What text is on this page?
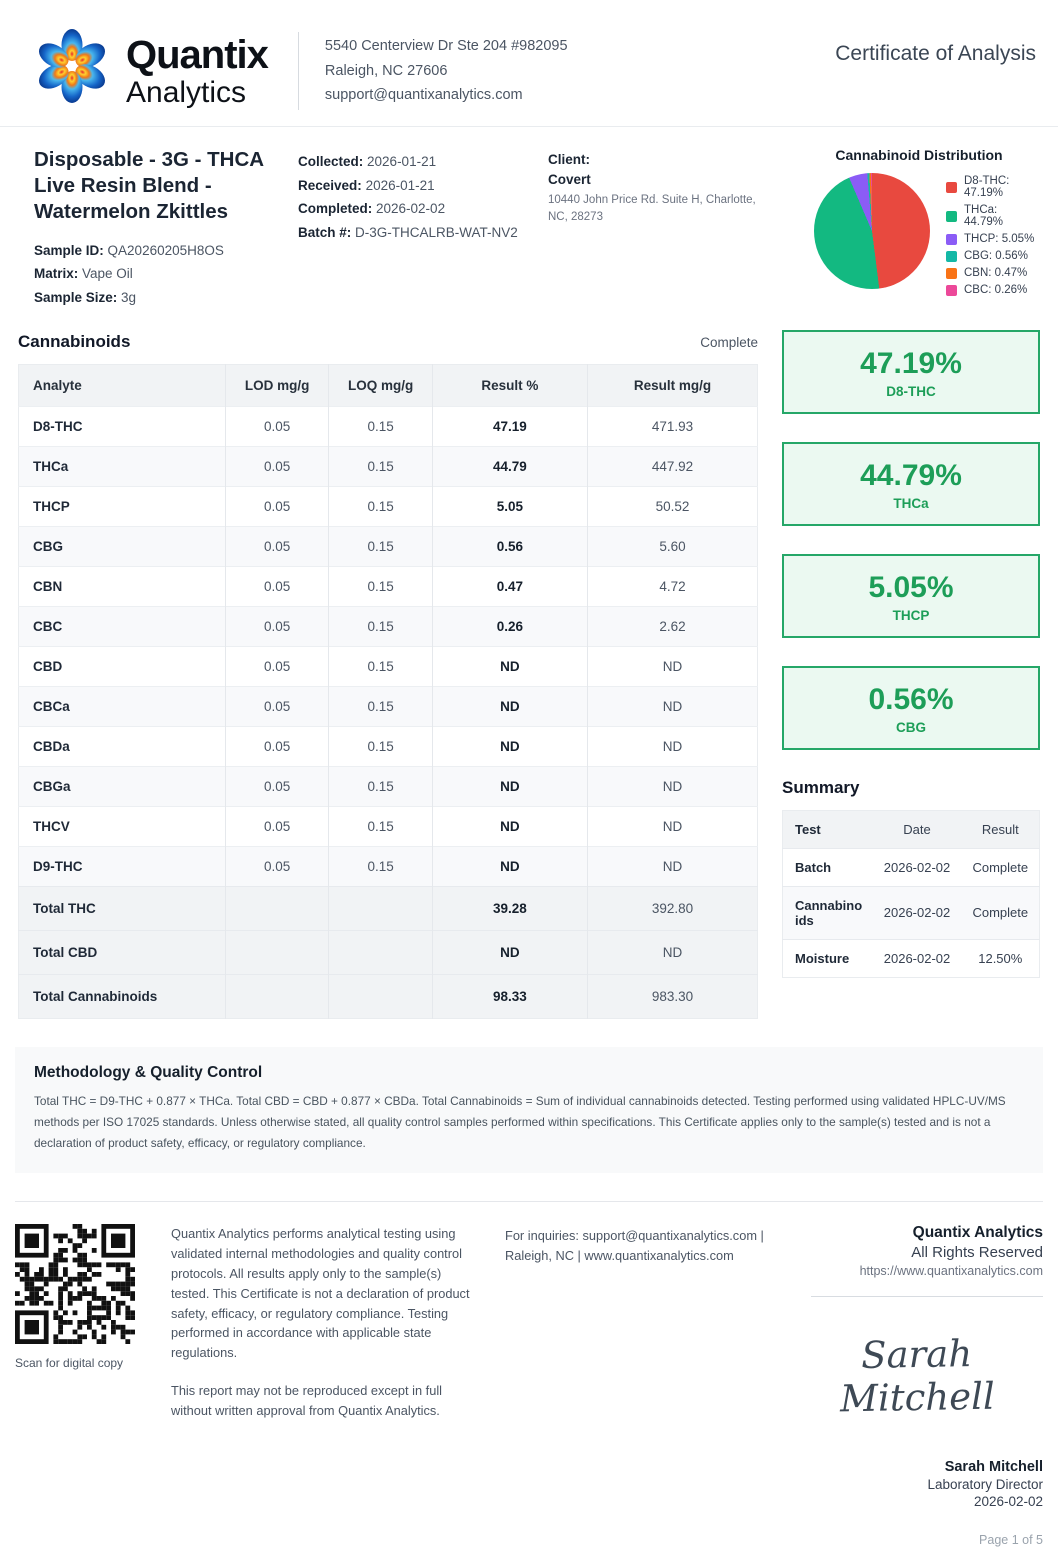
Quantix
Analytics
5540 Centerview Dr Ste 204 #982095
Raleigh, NC 27606
support@quantixanalytics.com
Certificate of Analysis
Disposable - 3G - THCA Live Resin Blend - Watermelon Zkittles
Sample ID: QA20260205H8OS
Matrix: Vape Oil
Sample Size: 3g
Collected: 2026-01-21
Received: 2026-01-21
Completed: 2026-02-02
Batch #: D-3G-THCALRB-WAT-NV2
Client:
Covert
10440 John Price Rd. Suite H, Charlotte, NC, 28273
Cannabinoid Distribution
D8-THC: 47.19%
THCa: 44.79%
THCP: 5.05%
CBG: 0.56%
CBN: 0.47%
CBC: 0.26%
Cannabinoids	Complete
Analyte	LOD mg/g	LOQ mg/g	Result %	Result mg/g
D8-THC	0.05	0.15	47.19	471.93
THCa	0.05	0.15	44.79	447.92
THCP	0.05	0.15	5.05	50.52
CBG	0.05	0.15	0.56	5.60
CBN	0.05	0.15	0.47	4.72
CBC	0.05	0.15	0.26	2.62
CBD	0.05	0.15	ND	ND
CBCa	0.05	0.15	ND	ND
CBDa	0.05	0.15	ND	ND
CBGa	0.05	0.15	ND	ND
THCV	0.05	0.15	ND	ND
D9-THC	0.05	0.15	ND	ND
Total THC			39.28	392.80
Total CBD			ND	ND
Total Cannabinoids			98.33	983.30
47.19%
D8-THC
44.79%
THCa
5.05%
THCP
0.56%
CBG
Summary
Test	Date	Result
Batch	2026-02-02	Complete
Cannabinoids	2026-02-02	Complete
Moisture	2026-02-02	12.50%
Methodology & Quality Control

Total THC = D9-THC + 0.877 × THCa. Total CBD = CBD + 0.877 × CBDa. Total Cannabinoids = Sum of individual cannabinoids detected. Testing performed using validated HPLC-UV/MS methods per ISO 17025 standards. Unless otherwise stated, all quality control samples performed within specifications. This Certificate applies only to the sample(s) tested and is not a declaration of product safety, efficacy, or regulatory compliance.

Scan for digital copy

Quantix Analytics performs analytical testing using validated internal methodologies and quality control protocols. All results apply only to the sample(s) tested. This Certificate is not a declaration of product safety, efficacy, or regulatory compliance. Testing performed in accordance with applicable state regulations.

This report may not be reproduced except in full without written approval from Quantix Analytics.

For inquiries: support@quantixanalytics.com | Raleigh, NC | www.quantixanalytics.com
Quantix Analytics
All Rights Reserved
https://www.quantixanalytics.com
Sarah Mitchell
Sarah Mitchell
Laboratory Director
2026-02-02
Page 1 of 5
